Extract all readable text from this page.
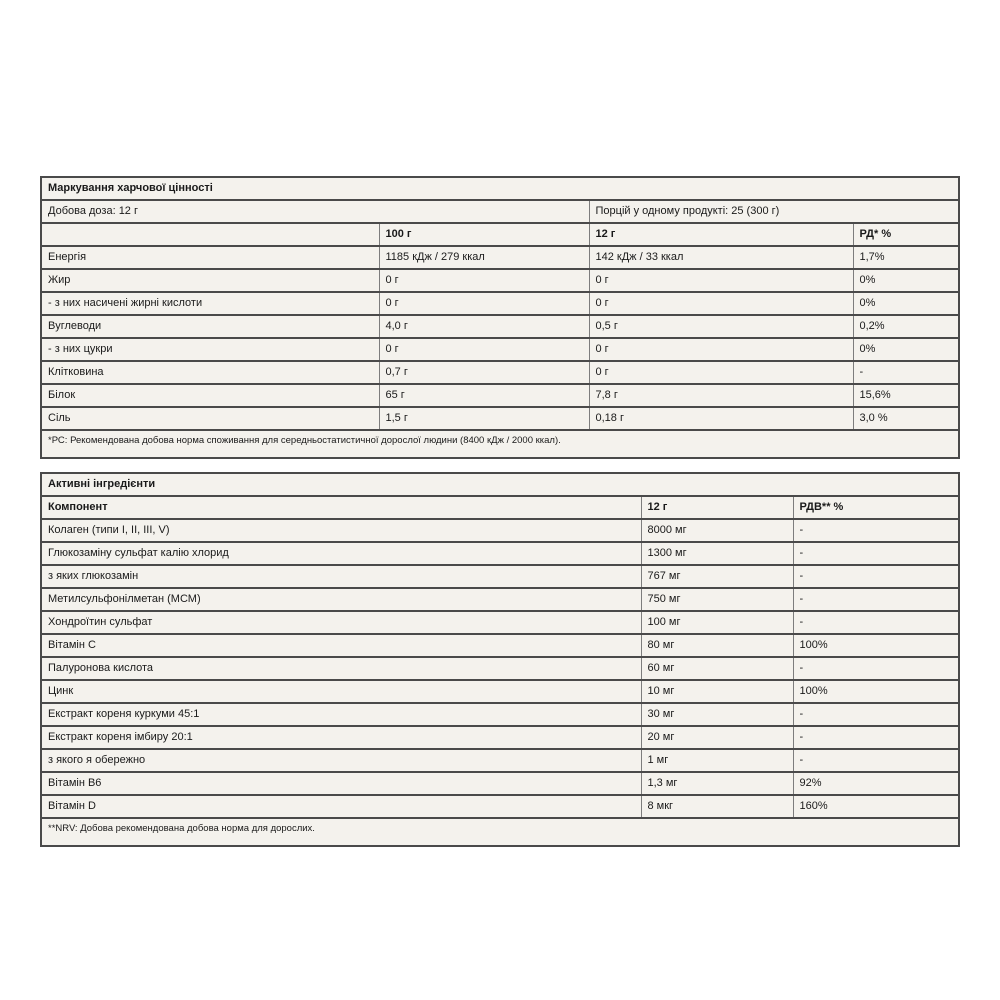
Маркування харчової цінності			
Добова доза: 12 г		Порцій у одному продукті: 25 (300 г)	
	100 г	12 г	РД* %
Енергія	1185 кДж / 279 ккал	142 кДж / 33 ккал	1,7%
Жир	0 г	0 г	0%
- з них насичені жирні кислоти	0 г	0 г	0%
Вуглеводи	4,0 г	0,5 г	0,2%
- з них цукри	0 г	0 г	0%
Клітковина	0,7 г	0 г	-
Білок	65 г	7,8 г	15,6%
Сіль	1,5 г	0,18 г	3,0 %
*РС: Рекомендована добова норма споживання для середньостатистичної дорослої людини (8400 кДж / 2000 ккал).			
Активні інгредієнти		
Компонент	12 г	РДВ** %
Колаген (типи I, II, III, V)	8000 мг	-
Глюкозаміну сульфат калію хлорид	1300 мг	-
з яких глюкозамін	767 мг	-
Метилсульфонілметан (МСМ)	750 мг	-
Хондроїтин сульфат	100 мг	-
Вітамін C	80 мг	100%
Палуронова кислота	60 мг	-
Цинк	10 мг	100%
Екстракт кореня куркуми 45:1	30 мг	-
Екстракт кореня імбиру 20:1	20 мг	-
з якого я обережно	1 мг	-
Вітамін B6	1,3 мг	92%
Вітамін D	8 мкг	160%
**NRV: Добова рекомендована добова норма для дорослих.		
